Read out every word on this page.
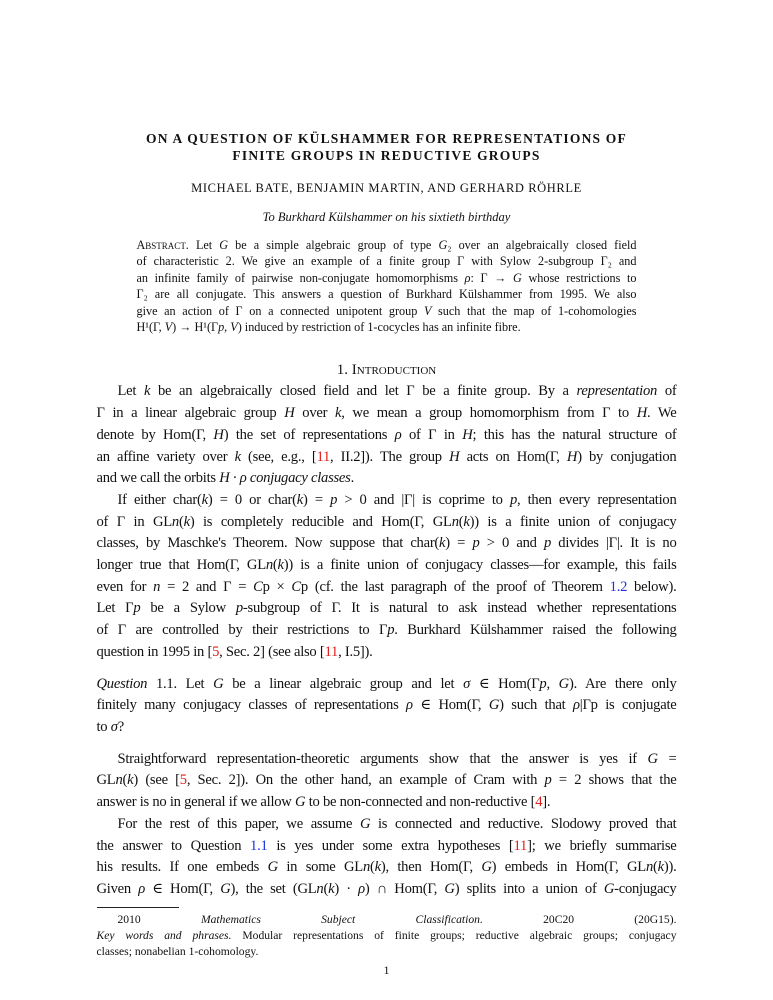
ON A QUESTION OF KÜLSHAMMER FOR REPRESENTATIONS OF
FINITE GROUPS IN REDUCTIVE GROUPS
MICHAEL BATE, BENJAMIN MARTIN, AND GERHARD RÖHRLE
To Burkhard Külshammer on his sixtieth birthday
Abstract. Let G be a simple algebraic group of type G₂ over an algebraically closed field
of characteristic 2. We give an example of a finite group Γ with Sylow 2-subgroup Γ₂ and
an infinite family of pairwise non-conjugate homomorphisms ρ: Γ → G whose restrictions to
Γ₂ are all conjugate. This answers a question of Burkhard Külshammer from 1995. We also
give an action of Γ on a connected unipotent group V such that the map of 1-cohomologies
H¹(Γ, V) → H¹(Γp, V) induced by restriction of 1-cocycles has an infinite fibre.
1. Introduction
Let k be an algebraically closed field and let Γ be a finite group. By a representation of
Γ in a linear algebraic group H over k, we mean a group homomorphism from Γ to H. We
denote by Hom(Γ, H) the set of representations ρ of Γ in H; this has the natural structure of
an affine variety over k (see, e.g., [11, II.2]). The group H acts on Hom(Γ, H) by conjugation
and we call the orbits H · ρ conjugacy classes.
If either char(k) = 0 or char(k) = p > 0 and |Γ| is coprime to p, then every representation
of Γ in GLn(k) is completely reducible and Hom(Γ, GLn(k)) is a finite union of conjugacy
classes, by Maschke's Theorem. Now suppose that char(k) = p > 0 and p divides |Γ|. It is no
longer true that Hom(Γ, GLn(k)) is a finite union of conjugacy classes—for example, this fails
even for n = 2 and Γ = Cp × Cp (cf. the last paragraph of the proof of Theorem 1.2 below).
Let Γp be a Sylow p-subgroup of Γ. It is natural to ask instead whether representations
of Γ are controlled by their restrictions to Γp. Burkhard Külshammer raised the following
question in 1995 in [5, Sec. 2] (see also [11, I.5]).
Question 1.1. Let G be a linear algebraic group and let σ ∈ Hom(Γp, G). Are there only
finitely many conjugacy classes of representations ρ ∈ Hom(Γ, G) such that ρ|Γp is conjugate
to σ?
Straightforward representation-theoretic arguments show that the answer is yes if G =
GLn(k) (see [5, Sec. 2]). On the other hand, an example of Cram with p = 2 shows that the
answer is no in general if we allow G to be non-connected and non-reductive [4].
For the rest of this paper, we assume G is connected and reductive. Slodowy proved that
the answer to Question 1.1 is yes under some extra hypotheses [11]; we briefly summarise
his results. If one embeds G in some GLn(k), then Hom(Γ, G) embeds in Hom(Γ, GLn(k)).
Given ρ ∈ Hom(Γ, G), the set (GLn(k) · ρ) ∩ Hom(Γ, G) splits into a union of G-conjugacy
2010 Mathematics Subject Classification. 20C20 (20G15).
Key words and phrases. Modular representations of finite groups; reductive algebraic groups; conjugacy
classes; nonabelian 1-cohomology.
1
